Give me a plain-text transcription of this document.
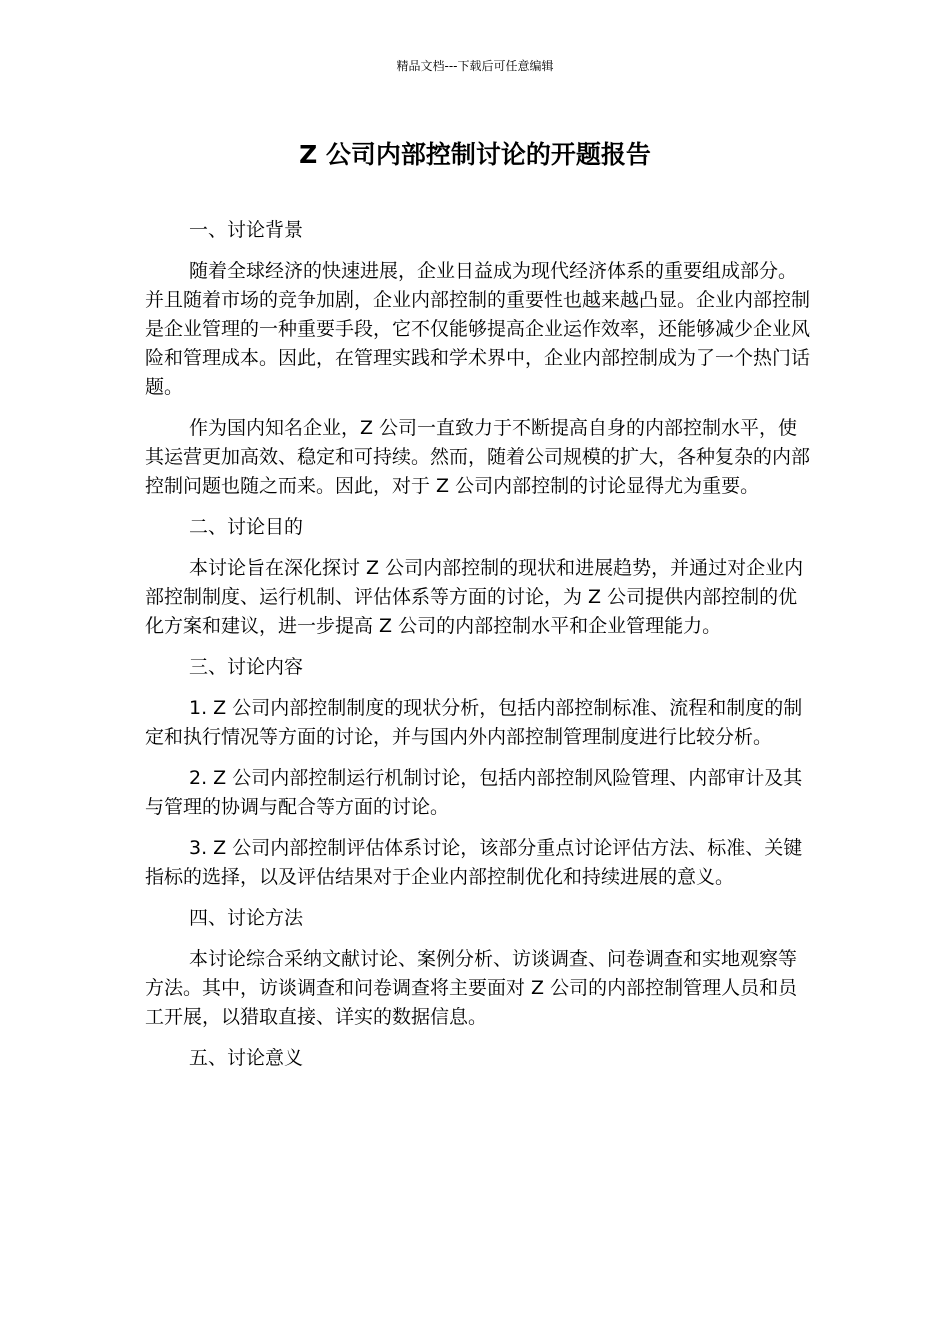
精品文档---下载后可任意编辑
Z 公司内部控制讨论的开题报告
一、讨论背景

随着全球经济的快速进展，企业日益成为现代经济体系的重要组成部分。并且随着市场的竞争加剧，企业内部控制的重要性也越来越凸显。企业内部控制是企业管理的一种重要手段，它不仅能够提高企业运作效率，还能够减少企业风险和管理成本。因此，在管理实践和学术界中，企业内部控制成为了一个热门话题。

作为国内知名企业，Z 公司一直致力于不断提高自身的内部控制水平，使其运营更加高效、稳定和可持续。然而，随着公司规模的扩大，各种复杂的内部控制问题也随之而来。因此，对于 Z 公司内部控制的讨论显得尤为重要。

二、讨论目的

本讨论旨在深化探讨 Z 公司内部控制的现状和进展趋势，并通过对企业内部控制制度、运行机制、评估体系等方面的讨论，为 Z 公司提供内部控制的优化方案和建议，进一步提高 Z 公司的内部控制水平和企业管理能力。

三、讨论内容

1. Z 公司内部控制制度的现状分析，包括内部控制标准、流程和制度的制定和执行情况等方面的讨论，并与国内外内部控制管理制度进行比较分析。

2. Z 公司内部控制运行机制讨论，包括内部控制风险管理、内部审计及其与管理的协调与配合等方面的讨论。

3. Z 公司内部控制评估体系讨论，该部分重点讨论评估方法、标准、关键指标的选择，以及评估结果对于企业内部控制优化和持续进展的意义。

四、讨论方法

本讨论综合采纳文献讨论、案例分析、访谈调查、问卷调查和实地观察等方法。其中，访谈调查和问卷调查将主要面对 Z 公司的内部控制管理人员和员工开展，以猎取直接、详实的数据信息。

五、讨论意义
